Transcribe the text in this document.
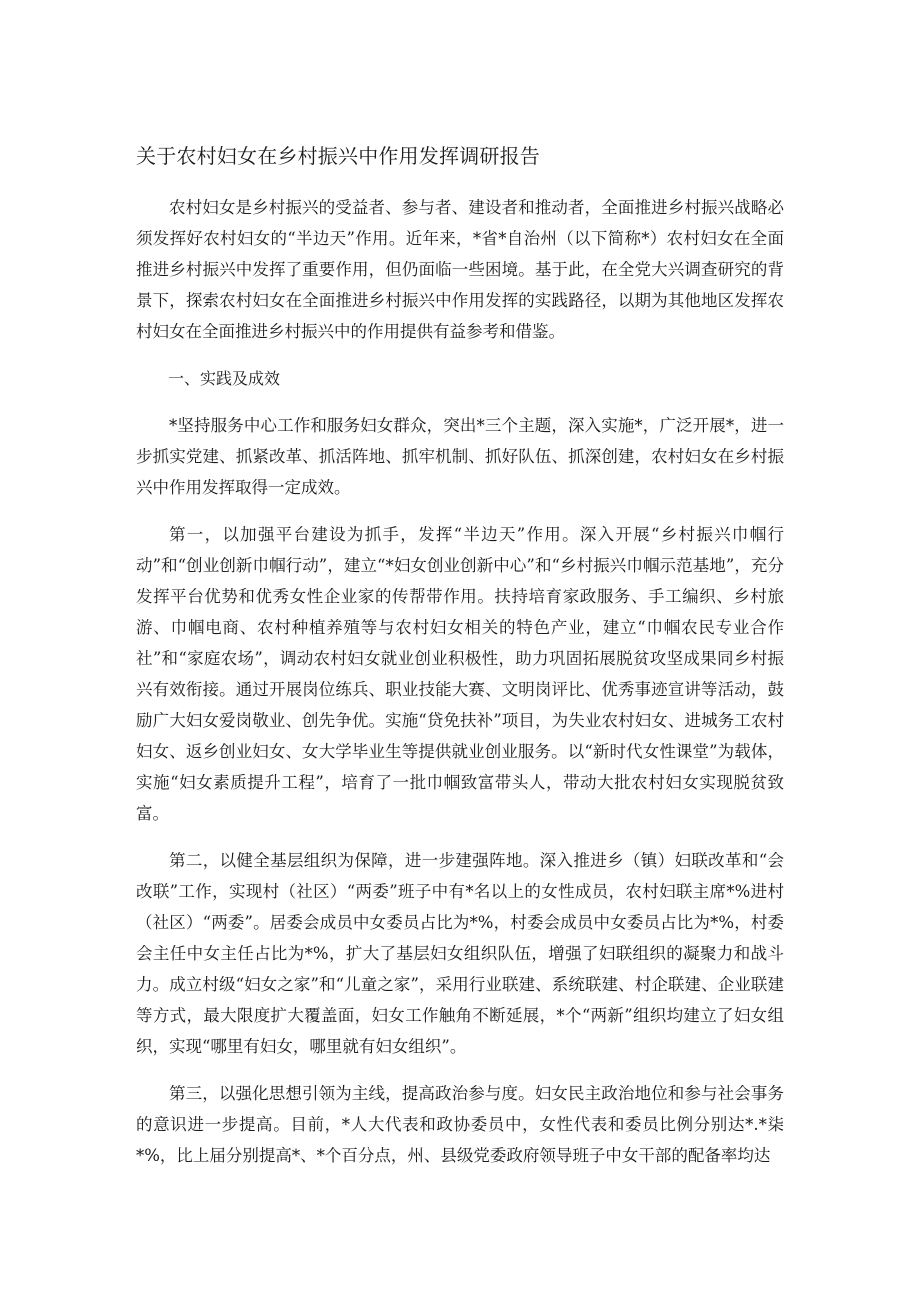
关于农村妇女在乡村振兴中作用发挥调研报告

农村妇女是乡村振兴的受益者、参与者、建设者和推动者，全面推进乡村振兴战略必须发挥好农村妇女的“半边天”作用。近年来，*省*自治州（以下简称*）农村妇女在全面推进乡村振兴中发挥了重要作用，但仍面临一些困境。基于此，在全党大兴调查研究的背景下，探索农村妇女在全面推进乡村振兴中作用发挥的实践路径，以期为其他地区发挥农村妇女在全面推进乡村振兴中的作用提供有益参考和借鉴。

一、实践及成效

*坚持服务中心工作和服务妇女群众，突出*三个主题，深入实施*，广泛开展*，进一步抓实党建、抓紧改革、抓活阵地、抓牢机制、抓好队伍、抓深创建，农村妇女在乡村振兴中作用发挥取得一定成效。

第一，以加强平台建设为抓手，发挥“半边天”作用。深入开展“乡村振兴巾帼行动”和“创业创新巾帼行动”，建立“*妇女创业创新中心”和“乡村振兴巾帼示范基地”，充分发挥平台优势和优秀女性企业家的传帮带作用。扶持培育家政服务、手工编织、乡村旅游、巾帼电商、农村种植养殖等与农村妇女相关的特色产业，建立“巾帼农民专业合作社”和“家庭农场”，调动农村妇女就业创业积极性，助力巩固拓展脱贫攻坚成果同乡村振兴有效衔接。通过开展岗位练兵、职业技能大赛、文明岗评比、优秀事迹宣讲等活动，鼓励广大妇女爱岗敬业、创先争优。实施“贷免扶补”项目，为失业农村妇女、进城务工农村妇女、返乡创业妇女、女大学毕业生等提供就业创业服务。以“新时代女性课堂”为载体，实施“妇女素质提升工程”，培育了一批巾帼致富带头人，带动大批农村妇女实现脱贫致富。

第二，以健全基层组织为保障，进一步建强阵地。深入推进乡（镇）妇联改革和“会改联”工作，实现村（社区）“两委”班子中有*名以上的女性成员，农村妇联主席*%进村（社区）“两委”。居委会成员中女委员占比为*%，村委会成员中女委员占比为*%，村委会主任中女主任占比为*%，扩大了基层妇女组织队伍，增强了妇联组织的凝聚力和战斗力。成立村级“妇女之家”和“儿童之家”，采用行业联建、系统联建、村企联建、企业联建等方式，最大限度扩大覆盖面，妇女工作触角不断延展，*个“两新”组织均建立了妇女组织，实现“哪里有妇女，哪里就有妇女组织”。

第三，以强化思想引领为主线，提高政治参与度。妇女民主政治地位和参与社会事务的意识进一步提高。目前，*人大代表和政协委员中，女性代表和委员比例分别达*.*柒*%，比上届分别提高*、*个百分点，州、县级党委政府领导班子中女干部的配备率均达
